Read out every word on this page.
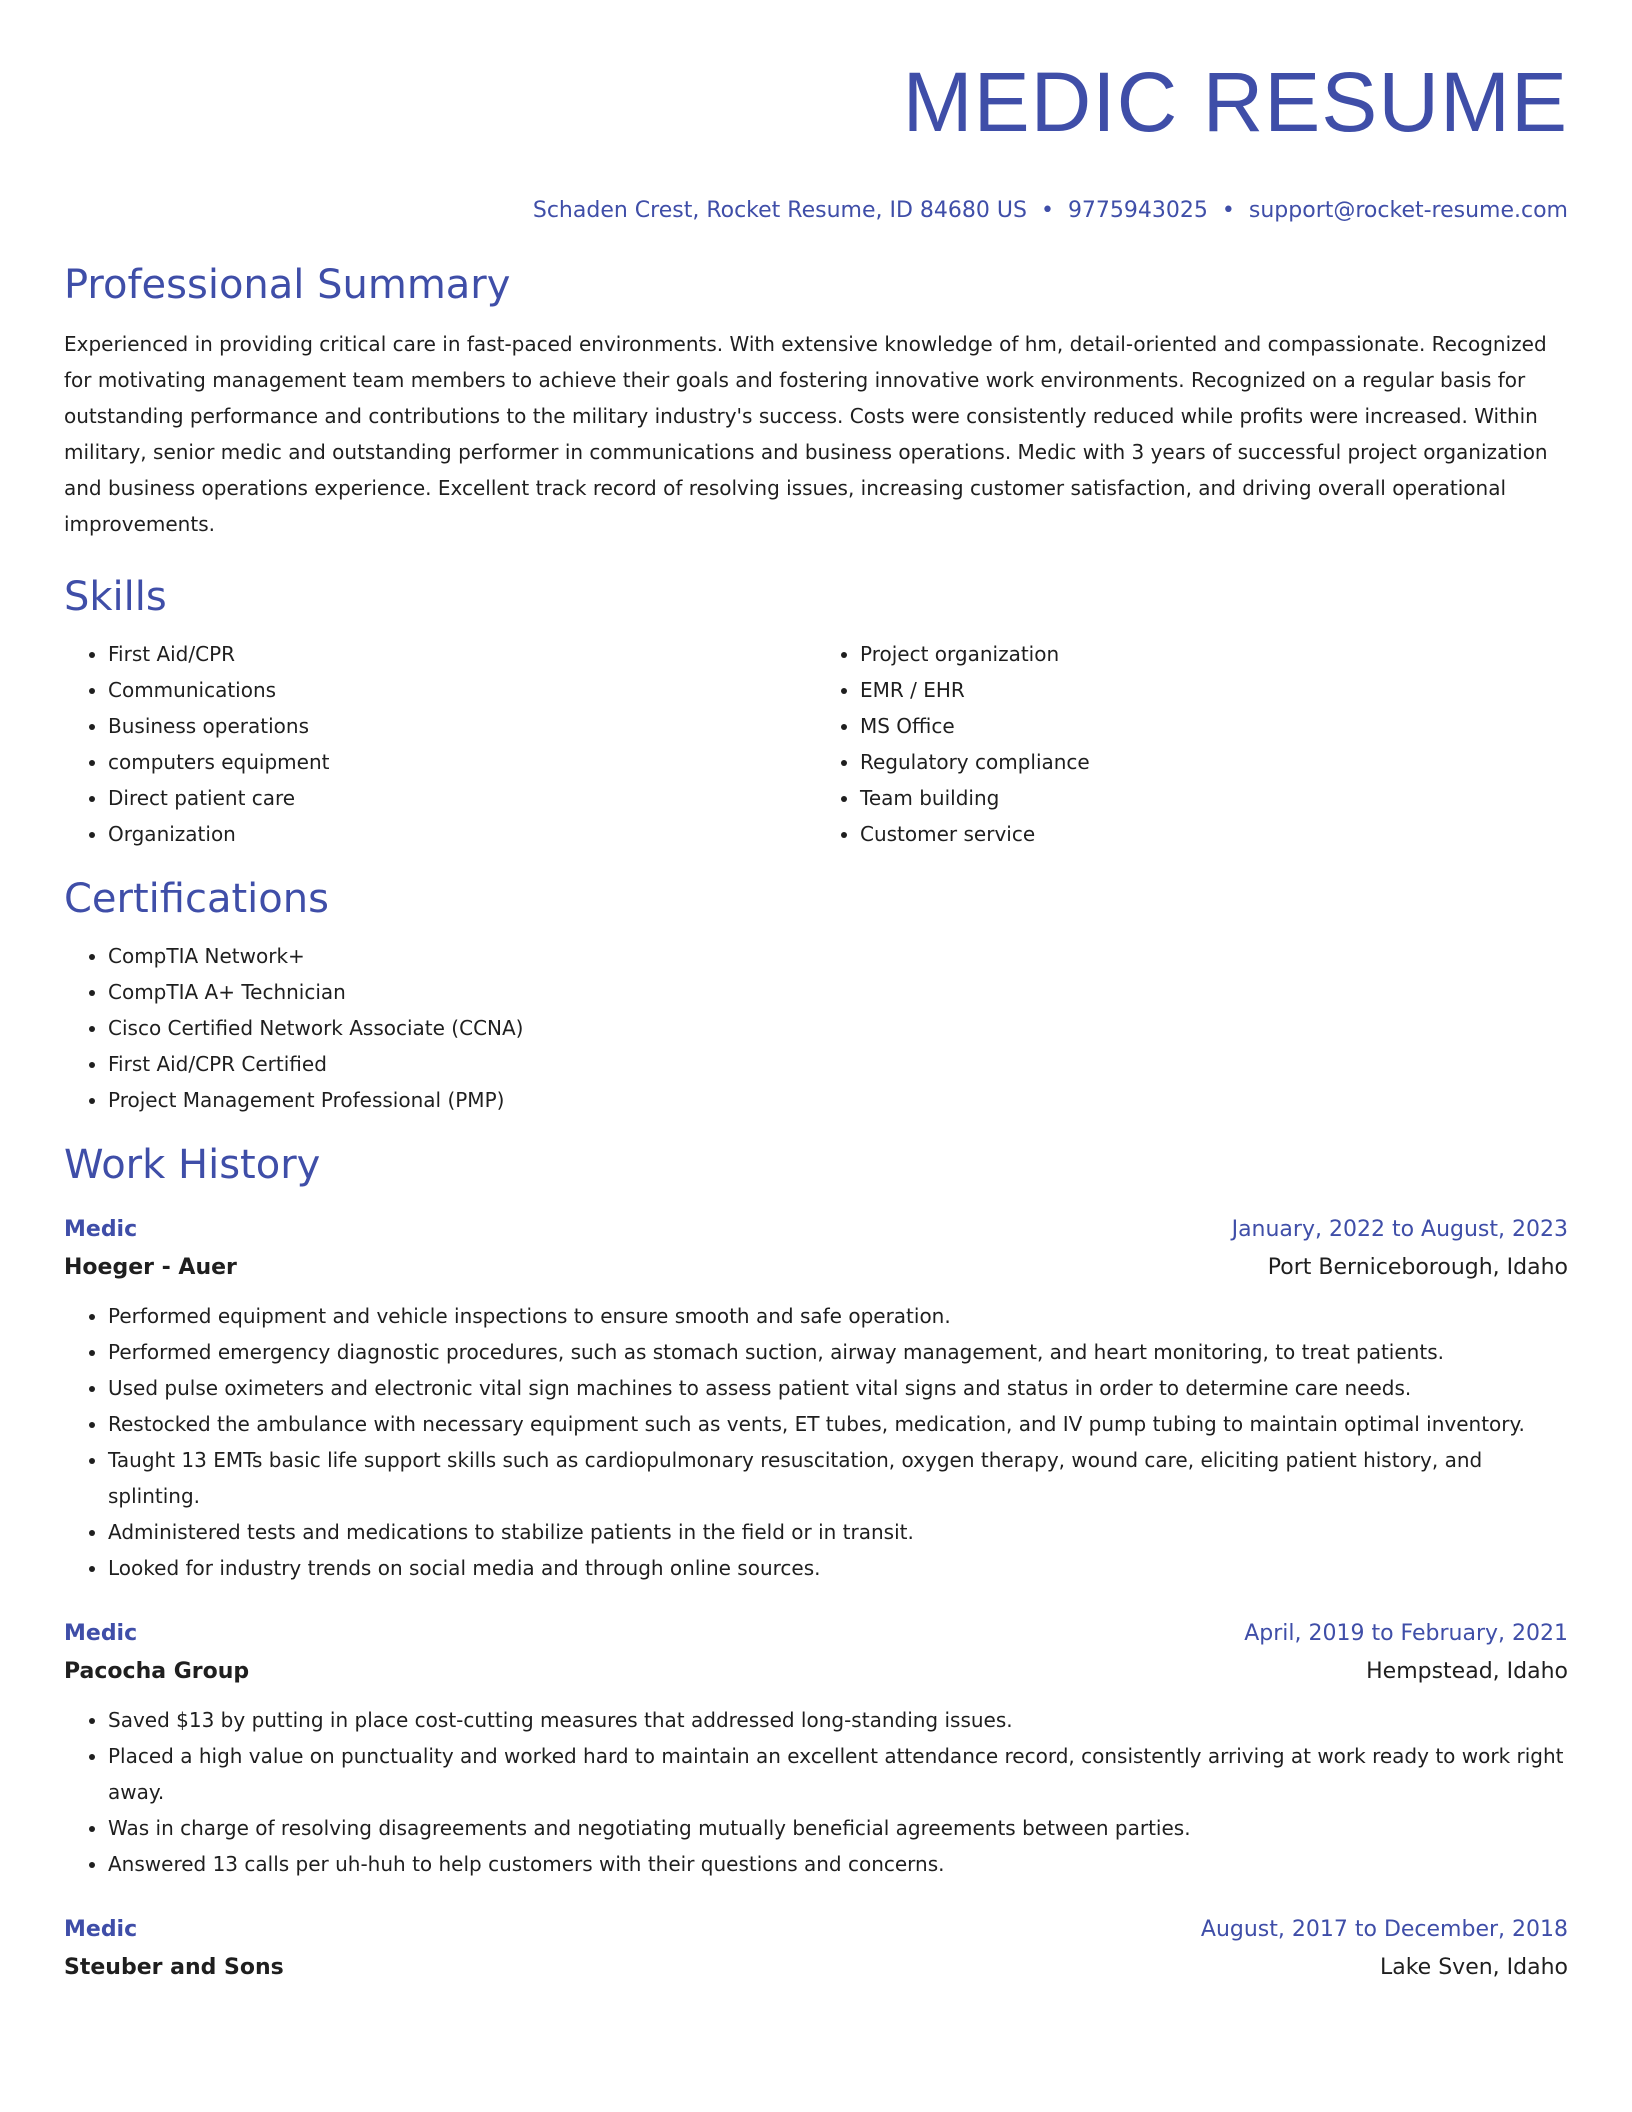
MEDIC RESUME
Schaden Crest, Rocket Resume, ID 84680 US • 9775943025 • support@rocket-resume.com
Professional Summary

Experienced in providing critical care in fast-paced environments. With extensive knowledge of hm, detail-oriented and compassionate. Recognized for motivating management team members to achieve their goals and fostering innovative work environments. Recognized on a regular basis for outstanding performance and contributions to the military industry's success. Costs were consistently reduced while profits were increased. Within military, senior medic and outstanding performer in communications and business operations. Medic with 3 years of successful project organization and business operations experience. Excellent track record of resolving issues, increasing customer satisfaction, and driving overall operational improvements.

Skills
• First Aid/CPR
• Communications
• Business operations
• computers equipment
• Direct patient care
• Organization
• Project organization
• EMR / EHR
• MS Office
• Regulatory compliance
• Team building
• Customer service
Certifications
• CompTIA Network+
• CompTIA A+ Technician
• Cisco Certified Network Associate (CCNA)
• First Aid/CPR Certified
• Project Management Professional (PMP)
Work History
Medic	January, 2022 to August, 2023
Hoeger - Auer	Port Berniceborough, Idaho
• Performed equipment and vehicle inspections to ensure smooth and safe operation.
• Performed emergency diagnostic procedures, such as stomach suction, airway management, and heart monitoring, to treat patients.
• Used pulse oximeters and electronic vital sign machines to assess patient vital signs and status in order to determine care needs.
• Restocked the ambulance with necessary equipment such as vents, ET tubes, medication, and IV pump tubing to maintain optimal inventory.
• Taught 13 EMTs basic life support skills such as cardiopulmonary resuscitation, oxygen therapy, wound care, eliciting patient history, and splinting.
• Administered tests and medications to stabilize patients in the field or in transit.
• Looked for industry trends on social media and through online sources.
Medic	April, 2019 to February, 2021
Pacocha Group	Hempstead, Idaho
• Saved $13 by putting in place cost-cutting measures that addressed long-standing issues.
• Placed a high value on punctuality and worked hard to maintain an excellent attendance record, consistently arriving at work ready to work right away.
• Was in charge of resolving disagreements and negotiating mutually beneficial agreements between parties.
• Answered 13 calls per uh-huh to help customers with their questions and concerns.
Medic	August, 2017 to December, 2018
Steuber and Sons	Lake Sven, Idaho
